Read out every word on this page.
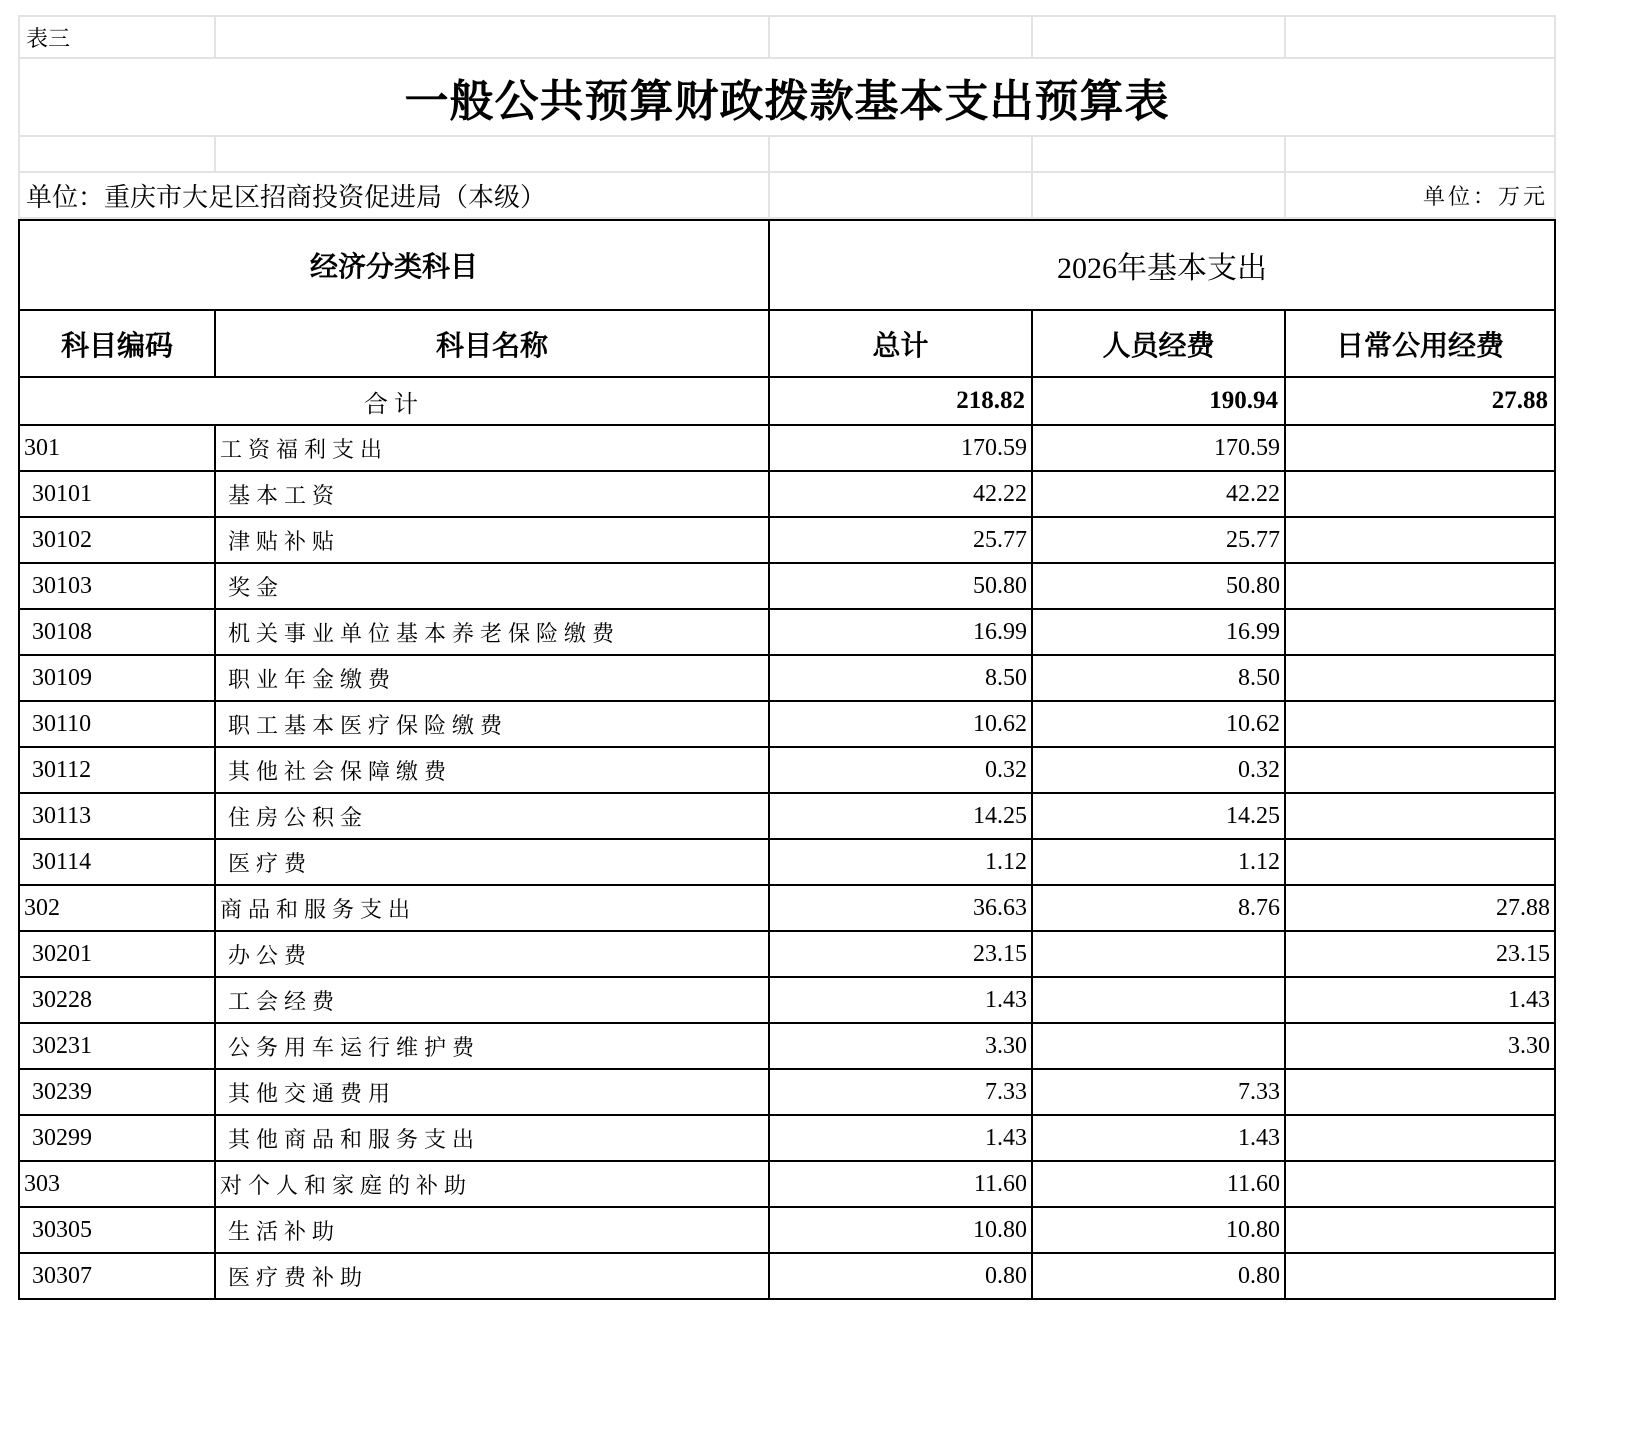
表三				
一般公共预算财政拨款基本支出预算表				

单位：重庆市大足区招商投资促进局（本级）				单位：万元
经济分类科目		2026年基本支出		
科目编码	科目名称	总计	人员经费	日常公用经费
合计		218.82	190.94	27.88
301	工资福利支出	170.59	170.59	
30101	基本工资	42.22	42.22	
30102	津贴补贴	25.77	25.77	
30103	奖金	50.80	50.80	
30108	机关事业单位基本养老保险缴费	16.99	16.99	
30109	职业年金缴费	8.50	8.50	
30110	职工基本医疗保险缴费	10.62	10.62	
30112	其他社会保障缴费	0.32	0.32	
30113	住房公积金	14.25	14.25	
30114	医疗费	1.12	1.12	
302	商品和服务支出	36.63	8.76	27.88
30201	办公费	23.15		23.15
30228	工会经费	1.43		1.43
30231	公务用车运行维护费	3.30		3.30
30239	其他交通费用	7.33	7.33	
30299	其他商品和服务支出	1.43	1.43	
303	对个人和家庭的补助	11.60	11.60	
30305	生活补助	10.80	10.80	
30307	医疗费补助	0.80	0.80	
